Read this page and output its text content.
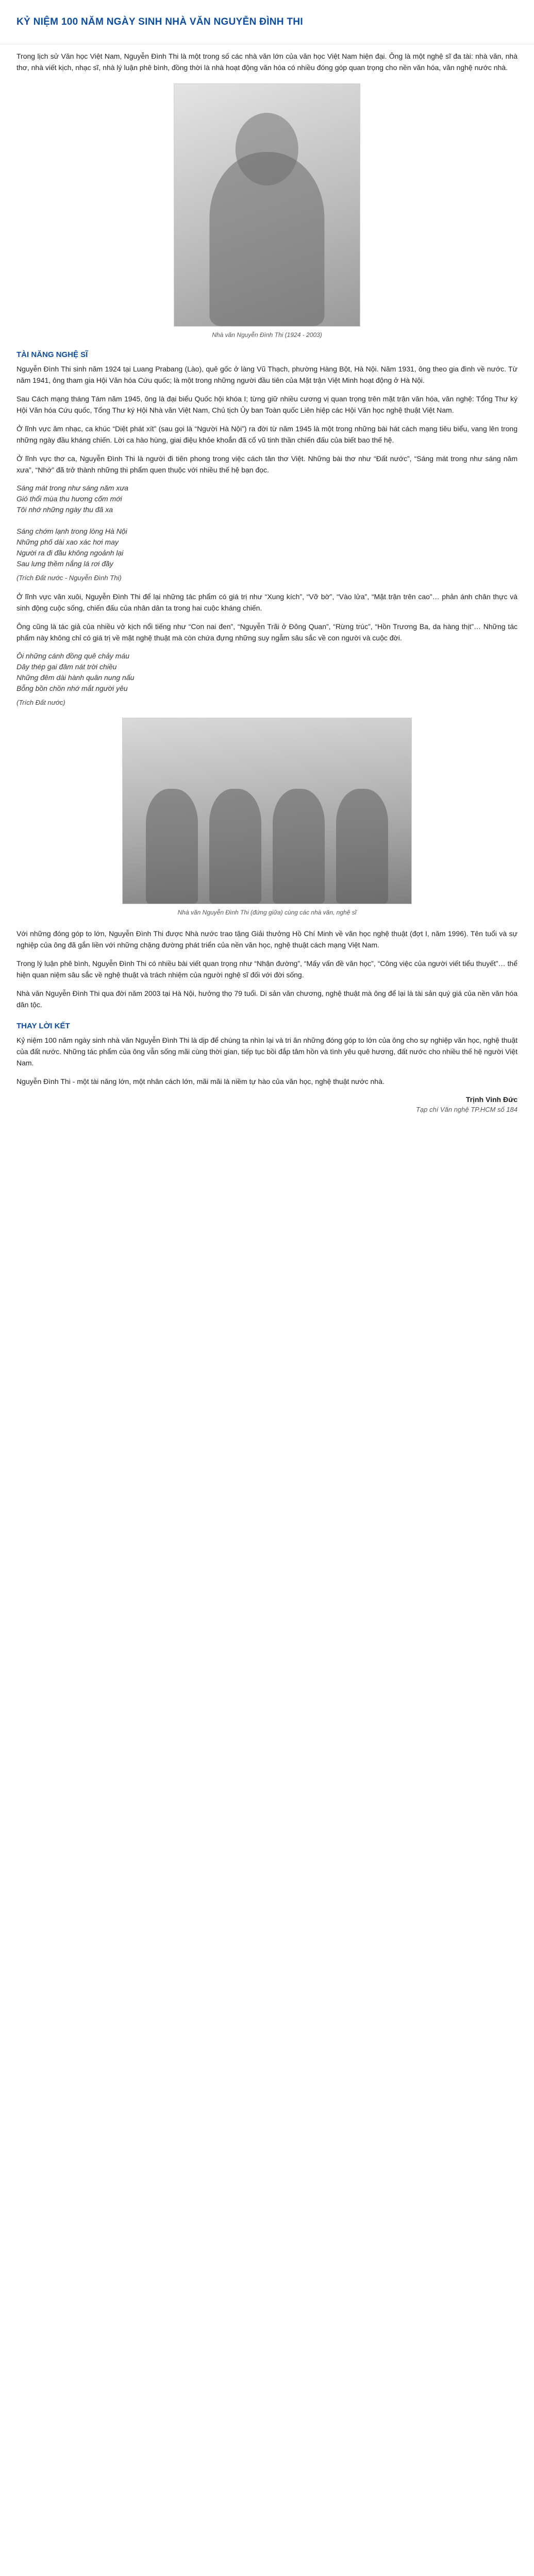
KỶ NIỆM 100 NĂM NGÀY SINH NHÀ VĂN NGUYỄN ĐÌNH THI

Trong lịch sử Văn học Việt Nam, Nguyễn Đình Thi là một trong số các nhà văn lớn của văn học Việt Nam hiện đại. Ông là một nghệ sĩ đa tài: nhà văn, nhà thơ, nhà viết kịch, nhạc sĩ, nhà lý luận phê bình, đồng thời là nhà hoạt động văn hóa có nhiều đóng góp quan trọng cho nền văn hóa, văn nghệ nước nhà.

Nhà văn Nguyễn Đình Thi (1924 - 2003)
TÀI NĂNG NGHỆ SĨ

Nguyễn Đình Thi sinh năm 1924 tại Luang Prabang (Lào), quê gốc ở làng Vũ Thạch, phường Hàng Bột, Hà Nội. Năm 1931, ông theo gia đình về nước. Từ năm 1941, ông tham gia Hội Văn hóa Cứu quốc; là một trong những người đầu tiên của Mặt trận Việt Minh hoạt động ở Hà Nội.

Sau Cách mạng tháng Tám năm 1945, ông là đại biểu Quốc hội khóa I; từng giữ nhiều cương vị quan trọng trên mặt trận văn hóa, văn nghệ: Tổng Thư ký Hội Văn hóa Cứu quốc, Tổng Thư ký Hội Nhà văn Việt Nam, Chủ tịch Ủy ban Toàn quốc Liên hiệp các Hội Văn học nghệ thuật Việt Nam.

Ở lĩnh vực âm nhạc, ca khúc “Diệt phát xít” (sau gọi là “Người Hà Nội”) ra đời từ năm 1945 là một trong những bài hát cách mạng tiêu biểu, vang lên trong những ngày đầu kháng chiến. Lời ca hào hùng, giai điệu khỏe khoắn đã cổ vũ tinh thần chiến đấu của biết bao thế hệ.

Ở lĩnh vực thơ ca, Nguyễn Đình Thi là người đi tiên phong trong việc cách tân thơ Việt. Những bài thơ như “Đất nước”, “Sáng mát trong như sáng năm xưa”, “Nhớ” đã trở thành những thi phẩm quen thuộc với nhiều thế hệ bạn đọc.

Sáng mát trong như sáng năm xưa
Gió thổi mùa thu hương cốm mới
Tôi nhớ những ngày thu đã xa

Sáng chớm lạnh trong lòng Hà Nội
Những phố dài xao xác hơi may
Người ra đi đầu không ngoảnh lại
Sau lưng thềm nắng lá rơi đầy
(Trích Đất nước - Nguyễn Đình Thi)

Ở lĩnh vực văn xuôi, Nguyễn Đình Thi để lại những tác phẩm có giá trị như “Xung kích”, “Vỡ bờ”, “Vào lửa”, “Mặt trận trên cao”… phản ánh chân thực và sinh động cuộc sống, chiến đấu của nhân dân ta trong hai cuộc kháng chiến.

Ông cũng là tác giả của nhiều vở kịch nổi tiếng như “Con nai đen”, “Nguyễn Trãi ở Đông Quan”, “Rừng trúc”, “Hồn Trương Ba, da hàng thịt”… Những tác phẩm này không chỉ có giá trị về mặt nghệ thuật mà còn chứa đựng những suy ngẫm sâu sắc về con người và cuộc đời.

Ôi những cánh đồng quê chảy máu
Dây thép gai đâm nát trời chiều
Những đêm dài hành quân nung nấu
Bỗng bồn chồn nhớ mắt người yêu
(Trích Đất nước)
Nhà văn Nguyễn Đình Thi (đứng giữa) cùng các nhà văn, nghệ sĩ

Với những đóng góp to lớn, Nguyễn Đình Thi được Nhà nước trao tặng Giải thưởng Hồ Chí Minh về văn học nghệ thuật (đợt I, năm 1996). Tên tuổi và sự nghiệp của ông đã gắn liền với những chặng đường phát triển của nền văn học, nghệ thuật cách mạng Việt Nam.

Trong lý luận phê bình, Nguyễn Đình Thi có nhiều bài viết quan trọng như “Nhận đường”, “Mấy vấn đề văn học”, “Công việc của người viết tiểu thuyết”… thể hiện quan niệm sâu sắc về nghệ thuật và trách nhiệm của người nghệ sĩ đối với đời sống.

Nhà văn Nguyễn Đình Thi qua đời năm 2003 tại Hà Nội, hưởng thọ 79 tuổi. Di sản văn chương, nghệ thuật mà ông để lại là tài sản quý giá của nền văn hóa dân tộc.

THAY LỜI KẾT

Kỷ niệm 100 năm ngày sinh nhà văn Nguyễn Đình Thi là dịp để chúng ta nhìn lại và tri ân những đóng góp to lớn của ông cho sự nghiệp văn học, nghệ thuật của đất nước. Những tác phẩm của ông vẫn sống mãi cùng thời gian, tiếp tục bồi đắp tâm hồn và tình yêu quê hương, đất nước cho nhiều thế hệ người Việt Nam.

Nguyễn Đình Thi - một tài năng lớn, một nhân cách lớn, mãi mãi là niềm tự hào của văn học, nghệ thuật nước nhà.

Trịnh Vinh Đức
Tạp chí Văn nghệ TP.HCM số 184
